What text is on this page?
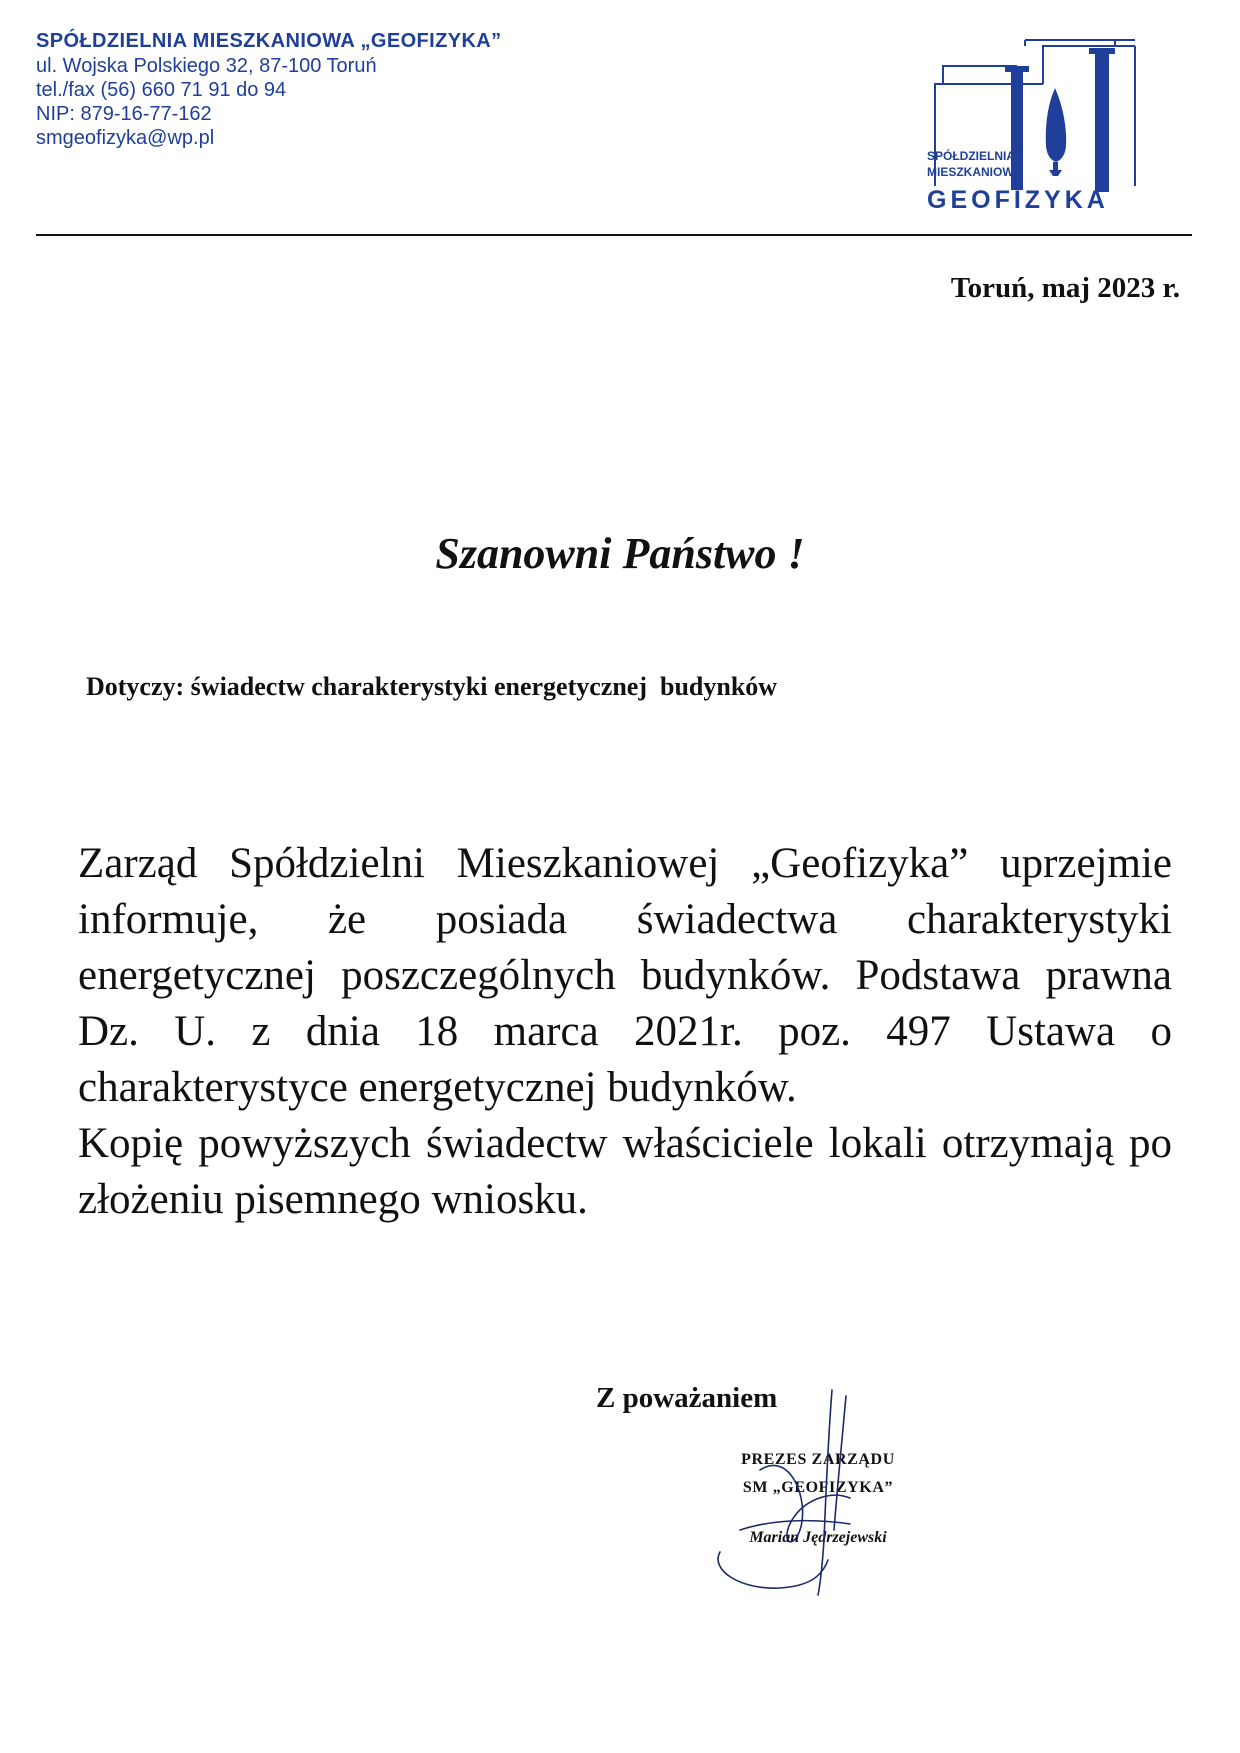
SPÓŁDZIELNIA MIESZKANIOWA „GEOFIZYKA”
ul. Wojska Polskiego 32, 87-100 Toruń
tel./fax (56) 660 71 91 do 94
NIP: 879-16-77-162
smgeofizyka@wp.pl
SPÓŁDZIELNIA
MIESZKANIOWA
GEOFIZYKA
Toruń, maj 2023 r.
Szanowni Państwo !
Dotyczy: świadectw charakterystyki energetycznej  budynków

Zarząd Spółdzielni Mieszkaniowej „Geofizyka” uprzejmie informuje, że posiada świadectwa charakterystyki energetycznej poszczególnych budynków. Podstawa prawna Dz. U. z dnia 18 marca 2021r. poz. 497 Ustawa o charakterystyce energetycznej budynków.

Kopię powyższych świadectw właściciele lokali otrzymają po złożeniu pisemnego wniosku.

Z poważaniem
PREZES ZARZĄDU
SM „GEOFIZYKA”
Marian Jędrzejewski
